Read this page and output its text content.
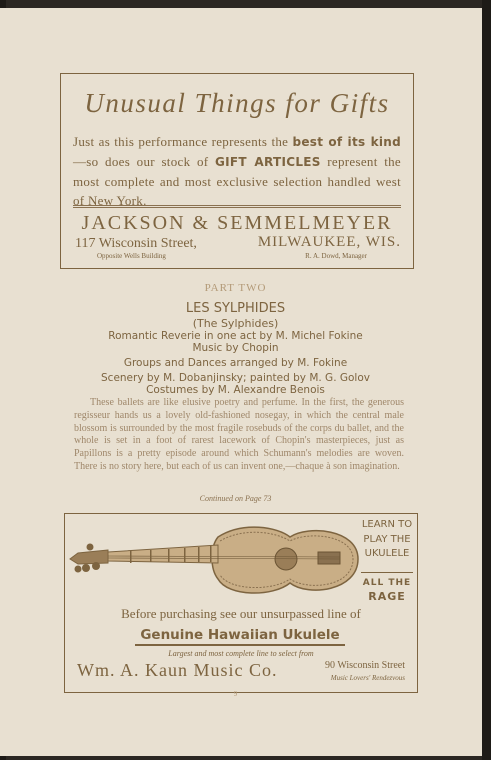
Unusual Things for Gifts
Just as this performance represents the best of its kind—so does our stock of GIFT ARTICLES represent the most complete and most exclusive selection handled west of New York.
JACKSON & SEMMELMEYER
117 Wisconsin Street,	MILWAUKEE, WIS.
Opposite Wells Building	R. A. Dowd, Manager
PART TWO
LES SYLPHIDES
(The Sylphides)
Romantic Reverie in one act by M. Michel Fokine
Music by Chopin
Groups and Dances arranged by M. Fokine
Scenery by M. Dobanjinsky; painted by M. G. Golov
Costumes by M. Alexandre Benois
These ballets are like elusive poetry and perfume. In the first, the generous regisseur hands us a lovely old-fashioned nosegay, in which the central male blossom is surrounded by the most fragile rosebuds of the corps du ballet, and the whole is set in a foot of rarest lacework of Chopin's masterpieces, just as Papillons is a pretty episode around which Schumann's melodies are woven. There is no story here, but each of us can invent one,—chaque à son imagination.
Continued on Page 73
LEARN TO
PLAY THE
UKULELE
ALL THE
RAGE
Before purchasing see our unsurpassed line of
Genuine Hawaiian Ukulele
Largest and most complete line to select from
Wm. A. Kaun Music Co.	90 Wisconsin Street
Music Lovers' Rendezvous
9
